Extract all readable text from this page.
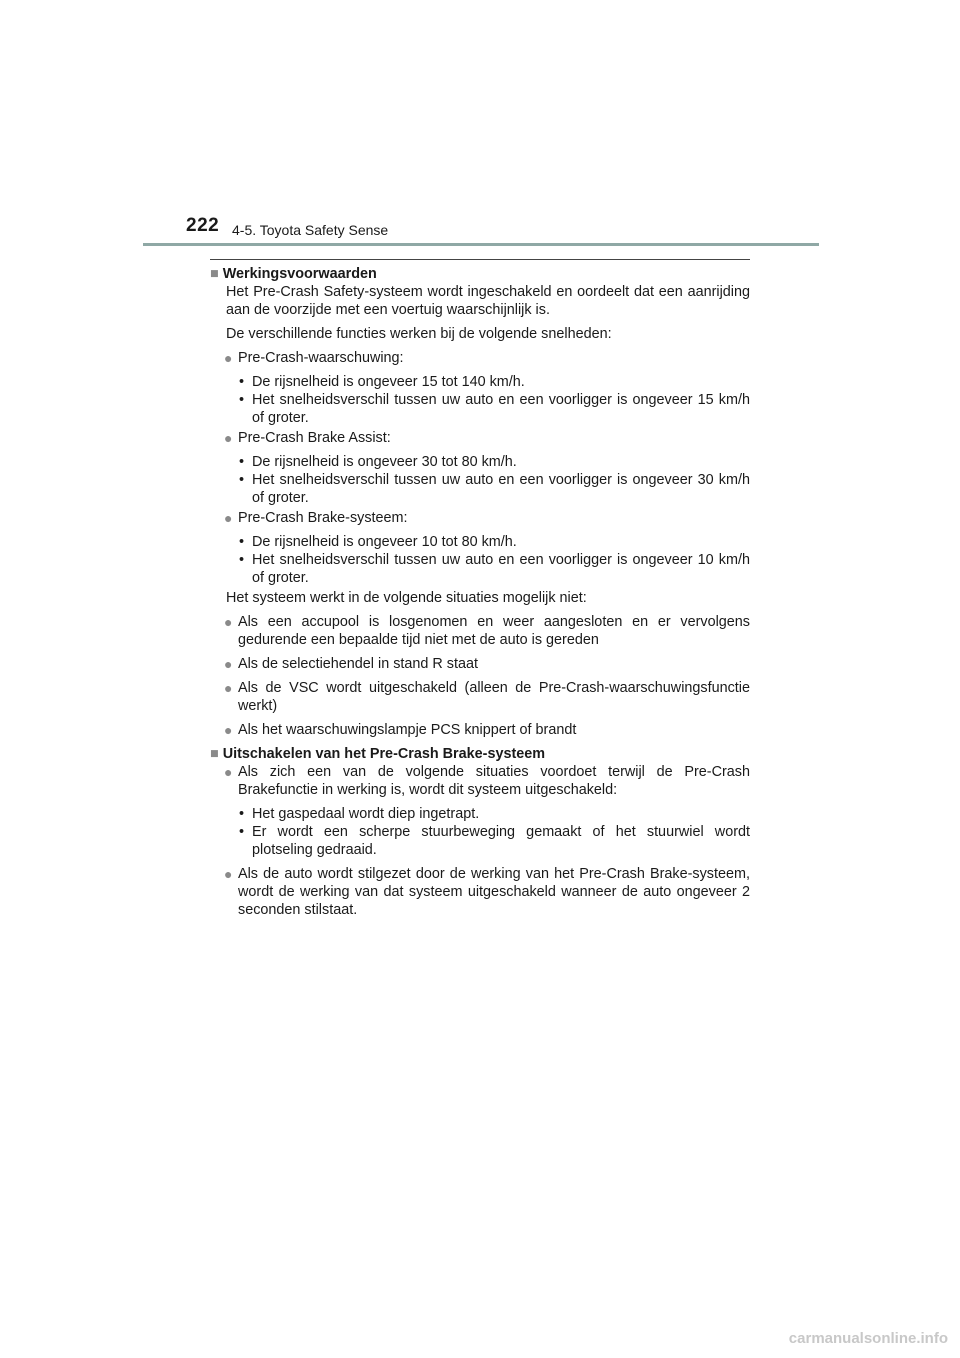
222 4-5. Toyota Safety Sense

■ Werkingsvoorwaarden

Het Pre-Crash Safety-systeem wordt ingeschakeld en oordeelt dat een aanrijding aan de voorzijde met een voertuig waarschijnlijk is.

De verschillende functies werken bij de volgende snelheden:

● Pre-Crash-waarschuwing:
• De rijsnelheid is ongeveer 15 tot 140 km/h.
• Het snelheidsverschil tussen uw auto en een voorligger is ongeveer 15 km/h of groter.
● Pre-Crash Brake Assist:
• De rijsnelheid is ongeveer 30 tot 80 km/h.
• Het snelheidsverschil tussen uw auto en een voorligger is ongeveer 30 km/h of groter.
● Pre-Crash Brake-systeem:
• De rijsnelheid is ongeveer 10 tot 80 km/h.
• Het snelheidsverschil tussen uw auto en een voorligger is ongeveer 10 km/h of groter.

Het systeem werkt in de volgende situaties mogelijk niet:

● Als een accupool is losgenomen en weer aangesloten en er vervolgens gedurende een bepaalde tijd niet met de auto is gereden
● Als de selectiehendel in stand R staat
● Als de VSC wordt uitgeschakeld (alleen de Pre-Crash-waarschuwingsfunctie werkt)
● Als het waarschuwingslampje PCS knippert of brandt

■ Uitschakelen van het Pre-Crash Brake-systeem

● Als zich een van de volgende situaties voordoet terwijl de Pre-Crash Brakefunctie in werking is, wordt dit systeem uitgeschakeld:
• Het gaspedaal wordt diep ingetrapt.
• Er wordt een scherpe stuurbeweging gemaakt of het stuurwiel wordt plotseling gedraaid.
● Als de auto wordt stilgezet door de werking van het Pre-Crash Brake-systeem, wordt de werking van dat systeem uitgeschakeld wanneer de auto ongeveer 2 seconden stilstaat.
carmanualsonline.info
